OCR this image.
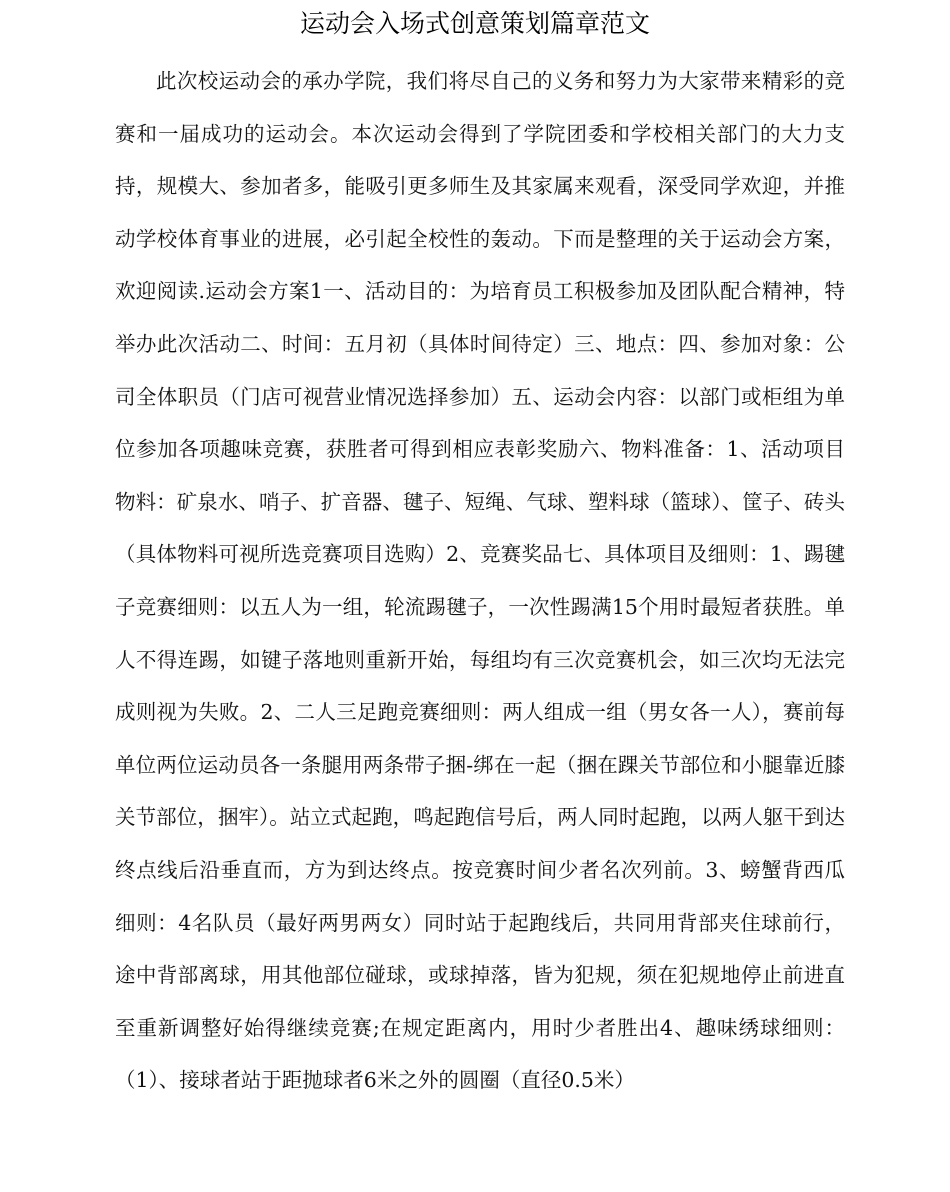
运动会入场式创意策划篇章范文

此次校运动会的承办学院，我们将尽自己的义务和努力为大家带来精彩的竞赛和一届成功的运动会。本次运动会得到了学院团委和学校相关部门的大力支持，规模大、参加者多，能吸引更多师生及其家属来观看，深受同学欢迎，并推动学校体育事业的进展，必引起全校性的轰动。下而是整理的关于运动会方案，欢迎阅读.运动会方案1一、活动目的：为培育员工积极参加及团队配合精神，特举办此次活动二、时间：五月初（具体时间待定）三、地点：四、参加对象：公司全体职员（门店可视营业情况选择参加）五、运动会内容：以部门或柜组为单位参加各项趣味竞赛，获胜者可得到相应表彰奖励六、物料准备：1、活动项目物料：矿泉水、哨子、扩音器、毽子、短绳、气球、塑料球（篮球）、筐子、砖头（具体物料可视所选竞赛项目选购）2、竞赛奖品七、具体项目及细则：1、踢毽子竞赛细则：以五人为一组，轮流踢毽子，一次性踢满15个用时最短者获胜。单人不得连踢，如键子落地则重新开始，每组均有三次竞赛机会，如三次均无法完成则视为失败。2、二人三足跑竞赛细则：两人组成一组（男女各一人），赛前每单位两位运动员各一条腿用两条带子捆-绑在一起（捆在踝关节部位和小腿靠近膝关节部位，捆牢）。站立式起跑，鸣起跑信号后，两人同时起跑，以两人躯干到达终点线后沿垂直而，方为到达终点。按竞赛时间少者名次列前。3、螃蟹背西瓜细则：4名队员（最好两男两女）同时站于起跑线后，共同用背部夹住球前行，途中背部离球，用其他部位碰球，或球掉落，皆为犯规，须在犯规地停止前进直至重新调整好始得继续竞赛;在规定距离内，用时少者胜出4、趣味绣球细则：（1）、接球者站于距抛球者6米之外的圆圈（直径0.5米）
